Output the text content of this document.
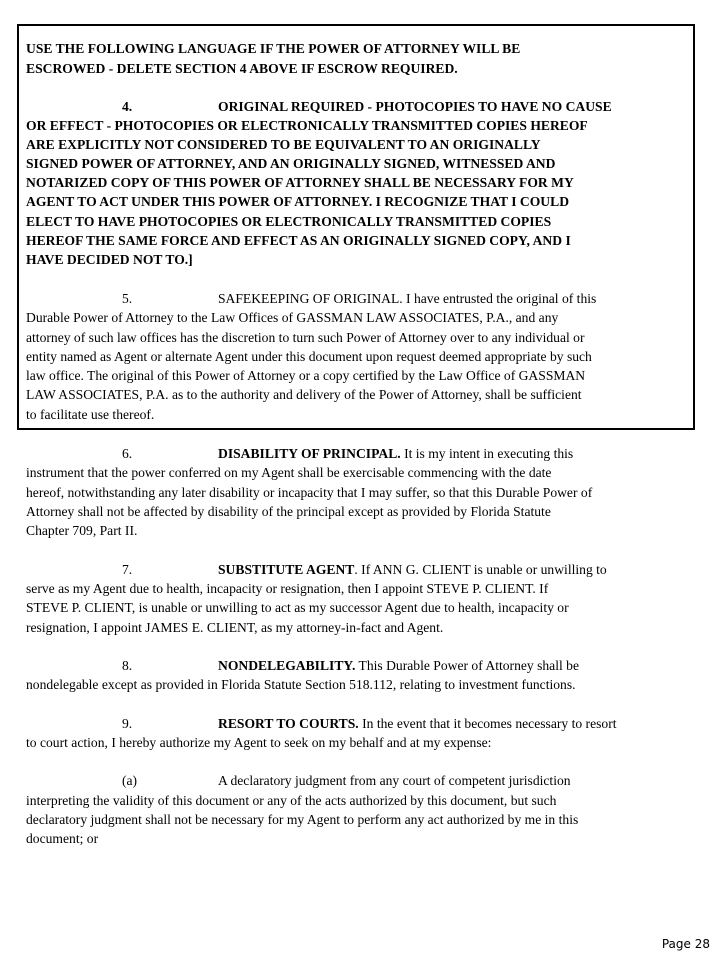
USE THE FOLLOWING LANGUAGE IF THE POWER OF ATTORNEY WILL BE
ESCROWED - DELETE SECTION 4 ABOVE IF ESCROW REQUIRED.
4.	ORIGINAL REQUIRED - PHOTOCOPIES TO HAVE NO CAUSE
OR EFFECT - PHOTOCOPIES OR ELECTRONICALLY TRANSMITTED COPIES HEREOF
ARE EXPLICITLY NOT CONSIDERED TO BE EQUIVALENT TO AN ORIGINALLY
SIGNED POWER OF ATTORNEY, AND AN ORIGINALLY SIGNED, WITNESSED AND
NOTARIZED COPY OF THIS POWER OF ATTORNEY SHALL BE NECESSARY FOR MY
AGENT TO ACT UNDER THIS POWER OF ATTORNEY. I RECOGNIZE THAT I COULD
ELECT TO HAVE PHOTOCOPIES OR ELECTRONICALLY TRANSMITTED COPIES
HEREOF THE SAME FORCE AND EFFECT AS AN ORIGINALLY SIGNED COPY, AND I
HAVE DECIDED NOT TO.]
5.	SAFEKEEPING OF ORIGINAL. I have entrusted the original of this
Durable Power of Attorney to the Law Offices of GASSMAN LAW ASSOCIATES, P.A., and any
attorney of such law offices has the discretion to turn such Power of Attorney over to any individual or
entity named as Agent or alternate Agent under this document upon request deemed appropriate by such
law office. The original of this Power of Attorney or a copy certified by the Law Office of GASSMAN
LAW ASSOCIATES, P.A. as to the authority and delivery of the Power of Attorney, shall be sufficient
to facilitate use thereof.
6.	DISABILITY OF PRINCIPAL. It is my intent in executing this
instrument that the power conferred on my Agent shall be exercisable commencing with the date
hereof, notwithstanding any later disability or incapacity that I may suffer, so that this Durable Power of
Attorney shall not be affected by disability of the principal except as provided by Florida Statute
Chapter 709, Part II.
7.	SUBSTITUTE AGENT. If ANN G. CLIENT is unable or unwilling to
serve as my Agent due to health, incapacity or resignation, then I appoint STEVE P. CLIENT. If
STEVE P. CLIENT, is unable or unwilling to act as my successor Agent due to health, incapacity or
resignation, I appoint JAMES E. CLIENT, as my attorney-in-fact and Agent.
8.	NONDELEGABILITY. This Durable Power of Attorney shall be
nondelegable except as provided in Florida Statute Section 518.112, relating to investment functions.
9.	RESORT TO COURTS. In the event that it becomes necessary to resort
to court action, I hereby authorize my Agent to seek on my behalf and at my expense:
(a)	A declaratory judgment from any court of competent jurisdiction
interpreting the validity of this document or any of the acts authorized by this document, but such
declaratory judgment shall not be necessary for my Agent to perform any act authorized by me in this
document; or
Page 28
